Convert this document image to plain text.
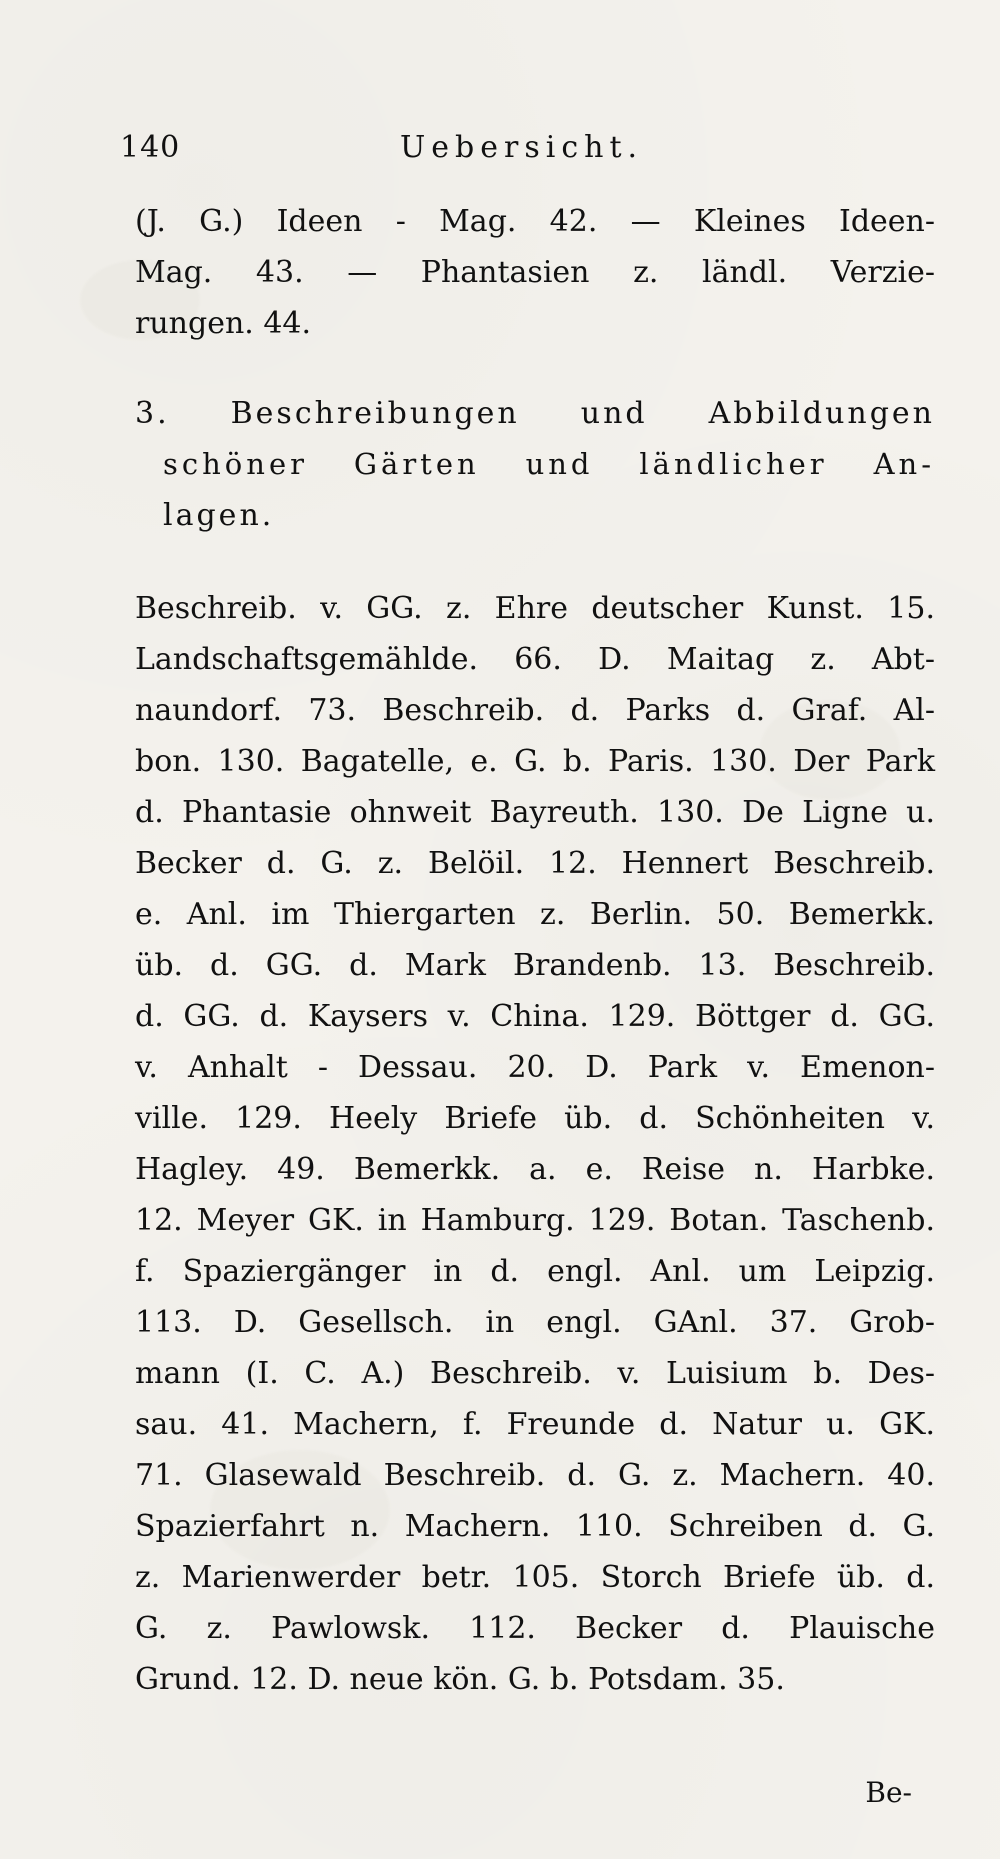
140	Uebersicht.

(J. G.) Ideen - Mag. 42. — Kleines Ideen-

Mag. 43. — Phantasien z. ländl. Verzie-

rungen. 44.

3. Beschreibungen und Abbildungen

schöner Gärten und ländlicher An-

lagen.

Beschreib. v. GG. z. Ehre deutscher Kunst. 15.

Landschaftsgemählde. 66. D. Maitag z. Abt-

naundorf. 73. Beschreib. d. Parks d. Graf. Al-

bon. 130. Bagatelle, e. G. b. Paris. 130. Der Park

d. Phantasie ohnweit Bayreuth. 130. De Ligne u.

Becker d. G. z. Belöil. 12. Hennert Beschreib.

e. Anl. im Thiergarten z. Berlin. 50. Bemerkk.

üb. d. GG. d. Mark Brandenb. 13. Beschreib.

d. GG. d. Kaysers v. China. 129. Böttger d. GG.

v. Anhalt - Dessau. 20. D. Park v. Emenon-

ville. 129. Heely Briefe üb. d. Schönheiten v.

Hagley. 49. Bemerkk. a. e. Reise n. Harbke.

12. Meyer GK. in Hamburg. 129. Botan. Taschenb.

f. Spaziergänger in d. engl. Anl. um Leipzig.

113. D. Gesellsch. in engl. GAnl. 37. Grob-

mann (I. C. A.) Beschreib. v. Luisium b. Des-

sau. 41. Machern, f. Freunde d. Natur u. GK.

71. Glasewald Beschreib. d. G. z. Machern. 40.

Spazierfahrt n. Machern. 110. Schreiben d. G.

z. Marienwerder betr. 105. Storch Briefe üb. d.

G. z. Pawlowsk. 112. Becker d. Plauische

Grund. 12. D. neue kön. G. b. Potsdam. 35.

Be-
